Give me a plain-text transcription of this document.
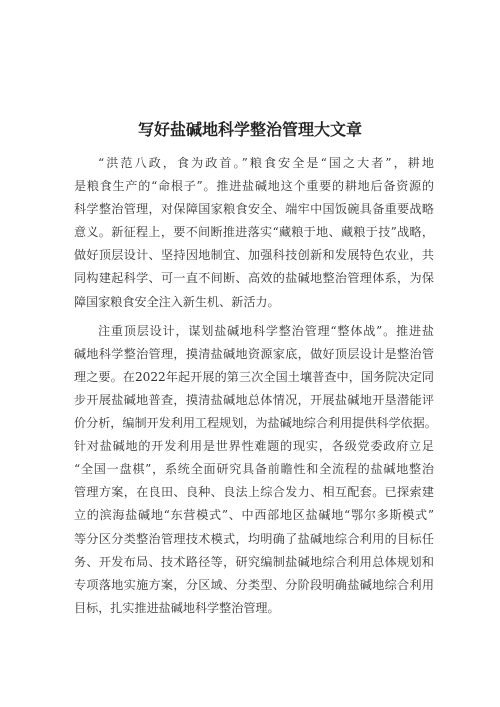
写好盐碱地科学整治管理大文章
“洪范八政，食为政首。”粮食安全是“国之大者”，耕地
是粮食生产的“命根子”。推进盐碱地这个重要的耕地后备资源的
科学整治管理，对保障国家粮食安全、端牢中国饭碗具备重要战略
意义。新征程上，要不间断推进落实“藏粮于地、藏粮于技”战略，
做好顶层设计、坚持因地制宜、加强科技创新和发展特色农业，共
同构建起科学、可一直不间断、高效的盐碱地整治管理体系，为保
障国家粮食安全注入新生机、新活力。
注重顶层设计，谋划盐碱地科学整治管理“整体战”。推进盐
碱地科学整治管理，摸清盐碱地资源家底，做好顶层设计是整治管
理之要。在2022年起开展的第三次全国土壤普查中，国务院决定同
步开展盐碱地普查，摸清盐碱地总体情况，开展盐碱地开垦潜能评
价分析，编制开发利用工程规划，为盐碱地综合利用提供科学依据。
针对盐碱地的开发利用是世界性难题的现实，各级党委政府立足
“全国一盘棋”，系统全面研究具备前瞻性和全流程的盐碱地整治
管理方案，在良田、良种、良法上综合发力、相互配套。已探索建
立的滨海盐碱地“东营模式”、中西部地区盐碱地“鄂尔多斯模式”
等分区分类整治管理技术模式，均明确了盐碱地综合利用的目标任
务、开发布局、技术路径等，研究编制盐碱地综合利用总体规划和
专项落地实施方案，分区域、分类型、分阶段明确盐碱地综合利用
目标，扎实推进盐碱地科学整治管理。
